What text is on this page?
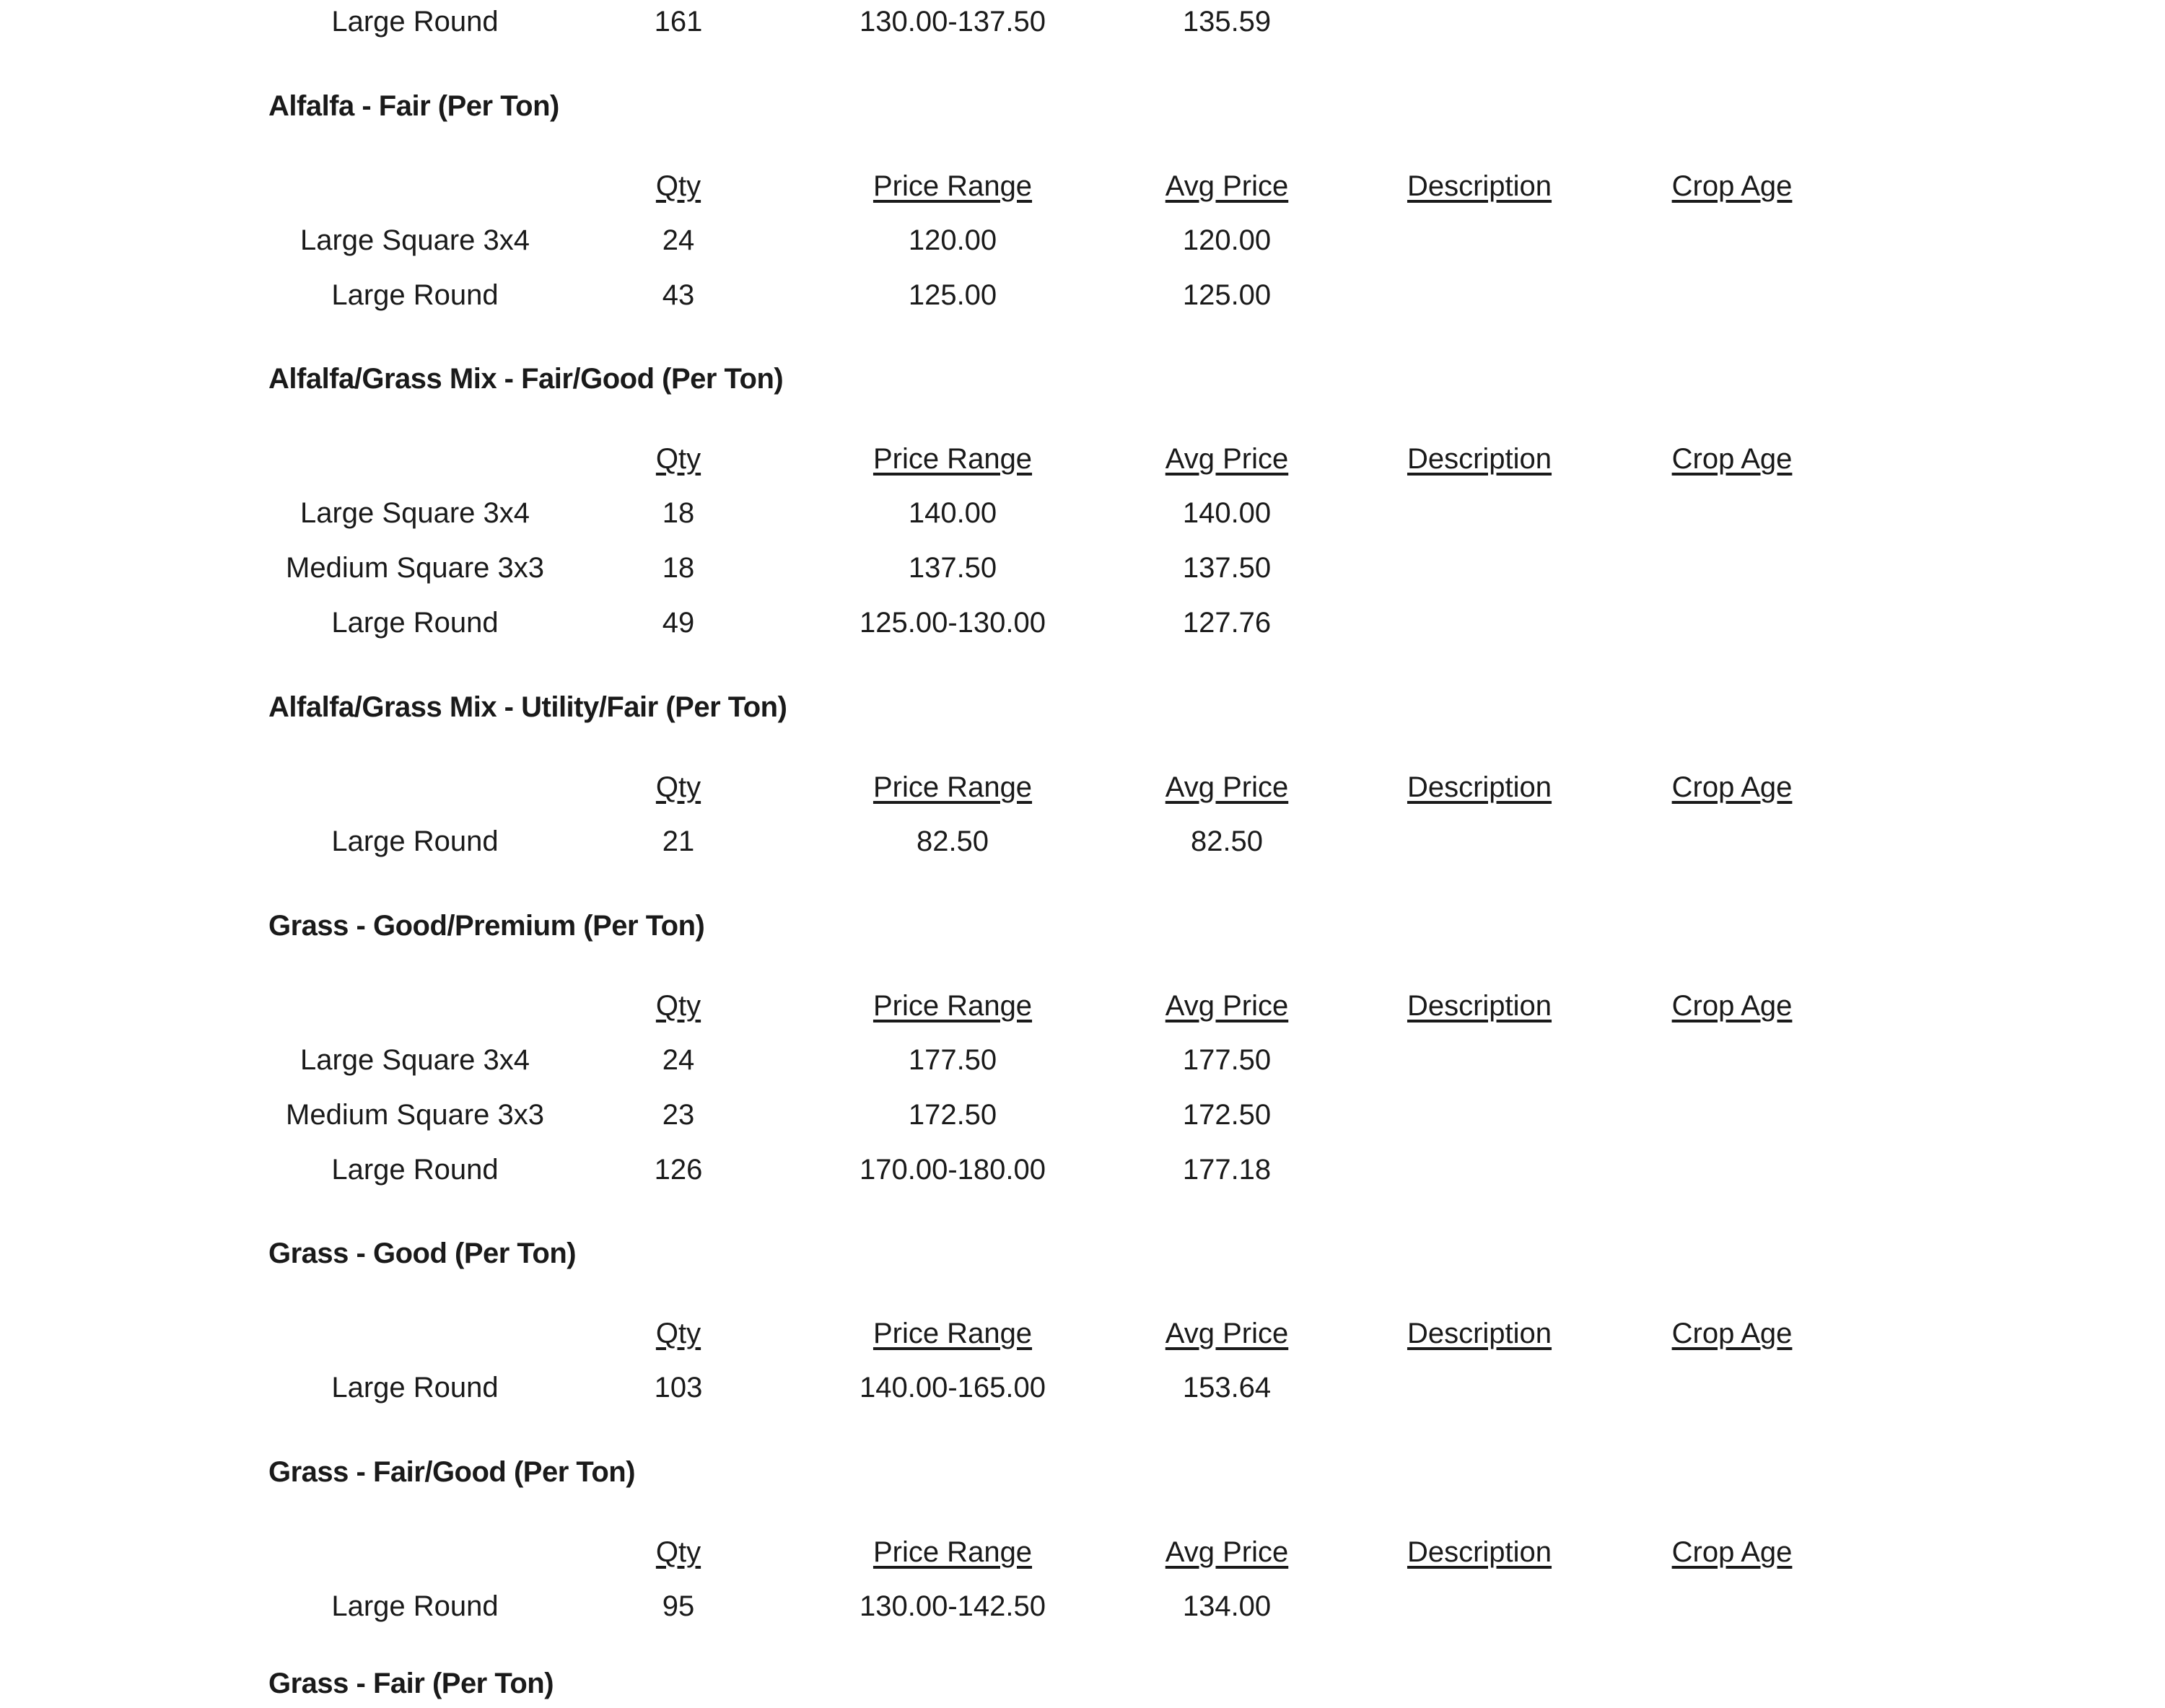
Large Round	161	130.00-137.50	135.59
Alfalfa - Fair (Per Ton)
Qty	Price Range	Avg Price	Description	Crop Age
Large Square 3x4	24	120.00	120.00
Large Round	43	125.00	125.00
Alfalfa/Grass Mix - Fair/Good (Per Ton)
Qty	Price Range	Avg Price	Description	Crop Age
Large Square 3x4	18	140.00	140.00
Medium Square 3x3	18	137.50	137.50
Large Round	49	125.00-130.00	127.76
Alfalfa/Grass Mix - Utility/Fair (Per Ton)
Qty	Price Range	Avg Price	Description	Crop Age
Large Round	21	82.50	82.50
Grass - Good/Premium (Per Ton)
Qty	Price Range	Avg Price	Description	Crop Age
Large Square 3x4	24	177.50	177.50
Medium Square 3x3	23	172.50	172.50
Large Round	126	170.00-180.00	177.18
Grass - Good (Per Ton)
Qty	Price Range	Avg Price	Description	Crop Age
Large Round	103	140.00-165.00	153.64
Grass - Fair/Good (Per Ton)
Qty	Price Range	Avg Price	Description	Crop Age
Large Round	95	130.00-142.50	134.00
Grass - Fair (Per Ton)
